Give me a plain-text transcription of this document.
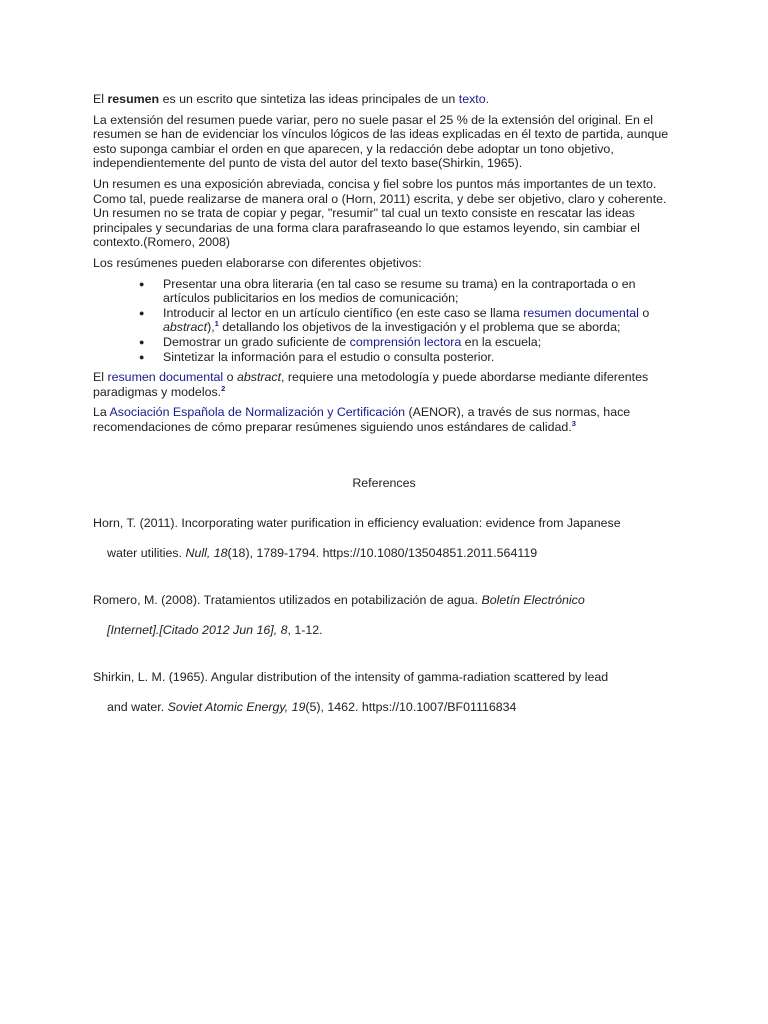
El resumen es un escrito que sintetiza las ideas principales de un texto.

La extensión del resumen puede variar, pero no suele pasar el 25 % de la extensión del original. En el resumen se han de evidenciar los vínculos lógicos de las ideas explicadas en él texto de partida, aunque esto suponga cambiar el orden en que aparecen, y la redacción debe adoptar un tono objetivo, independientemente del punto de vista del autor del texto base(Shirkin, 1965).

Un resumen es una exposición abreviada, concisa y fiel sobre los puntos más importantes de un texto. Como tal, puede realizarse de manera oral o (Horn, 2011) escrita, y debe ser objetivo, claro y coherente. Un resumen no se trata de copiar y pegar, "resumir" tal cual un texto consiste en rescatar las ideas principales y secundarias de una forma clara parafraseando lo que estamos leyendo, sin cambiar el contexto.(Romero, 2008)

Los resúmenes pueden elaborarse con diferentes objetivos:

● Presentar una obra literaria (en tal caso se resume su trama) en la contraportada o en artículos publicitarios en los medios de comunicación;
● Introducir al lector en un artículo científico (en este caso se llama resumen documental o abstract),$^1$ detallando los objetivos de la investigación y el problema que se aborda;
● Demostrar un grado suficiente de comprensión lectora en la escuela;
● Sintetizar la información para el estudio o consulta posterior.

El resumen documental o abstract, requiere una metodología y puede abordarse mediante diferentes paradigmas y modelos.$^2$

La Asociación Española de Normalización y Certificación (AENOR), a través de sus normas, hace recomendaciones de cómo preparar resúmenes siguiendo unos estándares de calidad.$^3$

References
Horn, T. (2011). Incorporating water purification in efficiency evaluation: evidence from Japanese
water utilities. Null, 18(18), 1789-1794. https://10.1080/13504851.2011.564119
Romero, M. (2008). Tratamientos utilizados en potabilización de agua. Boletín Electrónico
[Internet].[Citado 2012 Jun 16], 8, 1-12.
Shirkin, L. M. (1965). Angular distribution of the intensity of gamma-radiation scattered by lead
and water. Soviet Atomic Energy, 19(5), 1462. https://10.1007/BF01116834
